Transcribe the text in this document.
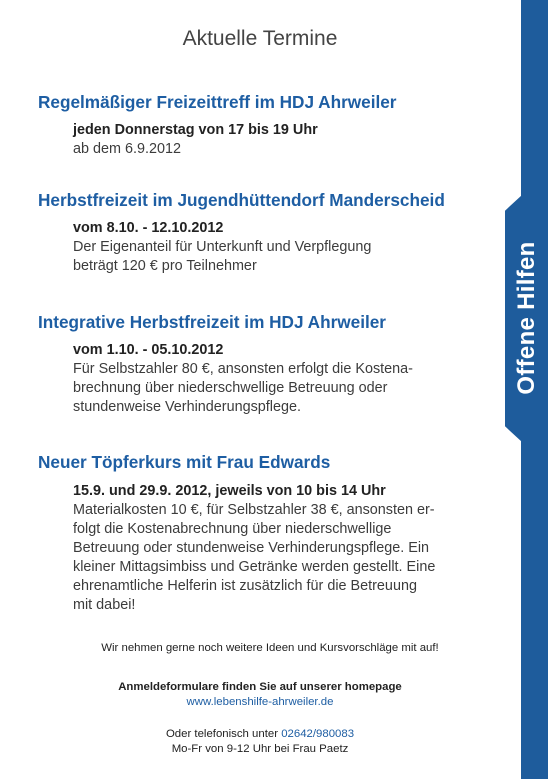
Offene Hilfen
Aktuelle Termine
Regelmäßiger Freizeittreff im HDJ Ahrweiler
jeden Donnerstag von 17 bis 19 Uhr
ab dem 6.9.2012
Herbstfreizeit im Jugendhüttendorf Manderscheid
vom 8.10. - 12.10.2012
Der Eigenanteil für Unterkunft und Verpflegung
beträgt 120 € pro Teilnehmer
Integrative Herbstfreizeit im HDJ Ahrweiler
vom 1.10. - 05.10.2012
Für Selbstzahler 80 €, ansonsten erfolgt die Kostena-
brechnung über niederschwellige Betreuung oder
stundenweise Verhinderungspflege.
Neuer Töpferkurs mit Frau Edwards
15.9. und 29.9. 2012, jeweils von 10 bis 14 Uhr
Materialkosten 10 €, für Selbstzahler 38 €, ansonsten er-
folgt die Kostenabrechnung über niederschwellige
Betreuung oder stundenweise Verhinderungspflege. Ein
kleiner Mittagsimbiss und Getränke werden gestellt. Eine
ehrenamtliche Helferin ist zusätzlich für die Betreuung
mit dabei!
Wir nehmen gerne noch weitere Ideen und Kursvorschläge mit auf!
Anmeldeformulare finden Sie auf unserer homepage
www.lebenshilfe-ahrweiler.de
Oder telefonisch unter 02642/980083
Mo-Fr von 9-12 Uhr bei Frau Paetz
